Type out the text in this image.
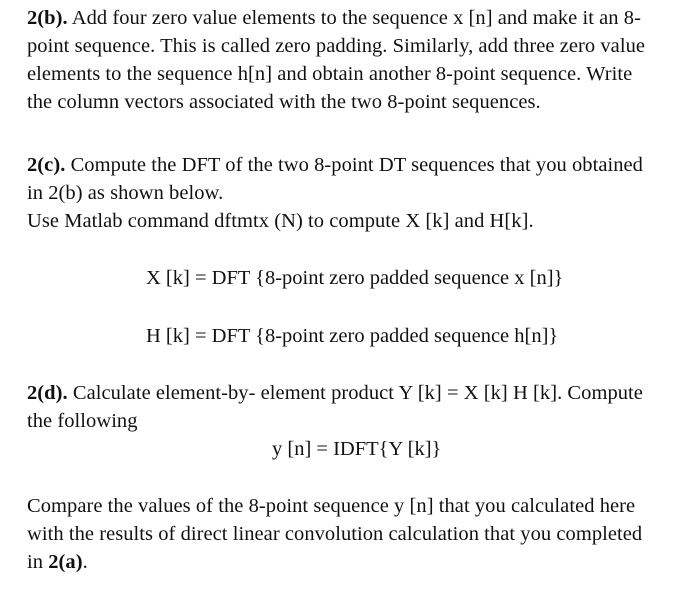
2(b). Add four zero value elements to the sequence x [n] and make it an 8-
point sequence. This is called zero padding. Similarly, add three zero value
elements to the sequence h[n] and obtain another 8-point sequence. Write
the column vectors associated with the two 8-point sequences.
2(c). Compute the DFT of the two 8-point DT sequences that you obtained
in 2(b) as shown below.
Use Matlab command dftmtx (N) to compute X [k] and H[k].
X [k] = DFT {8-point zero padded sequence x [n]}
H [k] = DFT {8-point zero padded sequence h[n]}
2(d). Calculate element-by- element product Y [k] = X [k] H [k]. Compute
the following
y [n] = IDFT{Y [k]}
Compare the values of the 8-point sequence y [n] that you calculated here
with the results of direct linear convolution calculation that you completed
in 2(a).
